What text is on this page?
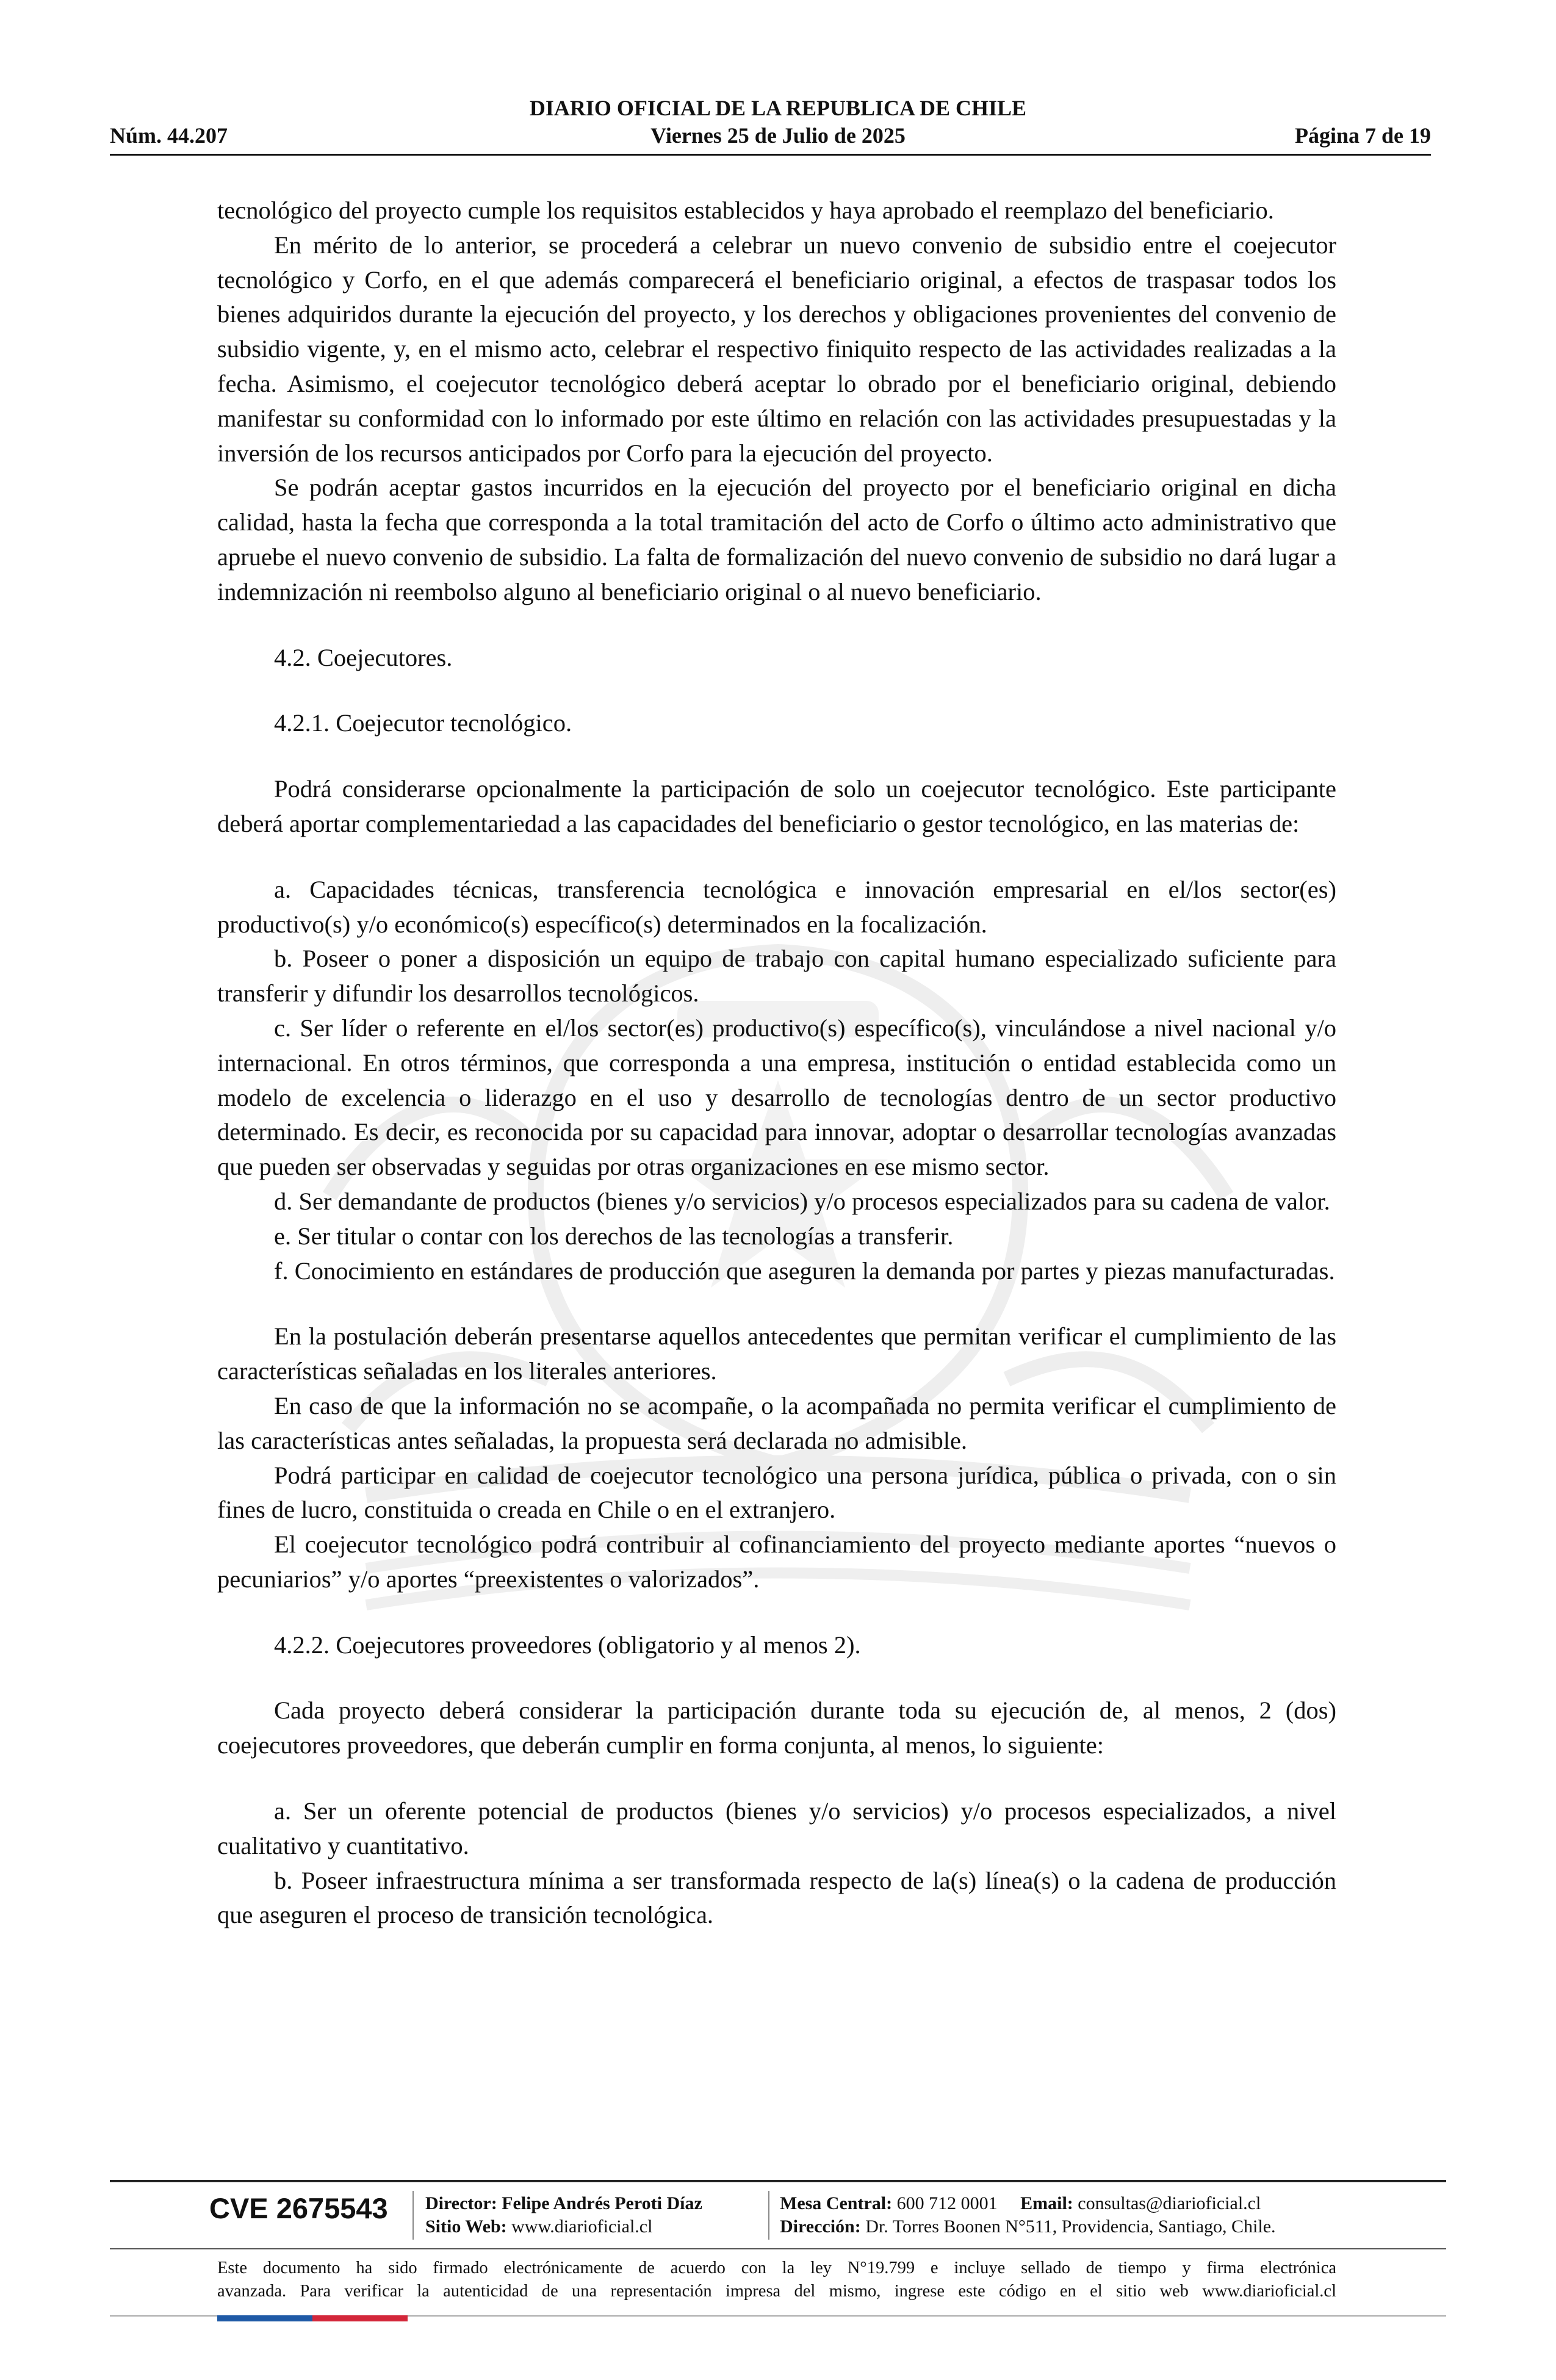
DIARIO OFICIAL DE LA REPUBLICA DE CHILE
Núm. 44.207	Viernes 25 de Julio de 2025	Página 7 de 19

tecnológico del proyecto cumple los requisitos establecidos y haya aprobado el reemplazo del beneficiario.

En mérito de lo anterior, se procederá a celebrar un nuevo convenio de subsidio entre el coejecutor tecnológico y Corfo, en el que además comparecerá el beneficiario original, a efectos de traspasar todos los bienes adquiridos durante la ejecución del proyecto, y los derechos y obligaciones provenientes del convenio de subsidio vigente, y, en el mismo acto, celebrar el respectivo finiquito respecto de las actividades realizadas a la fecha. Asimismo, el coejecutor tecnológico deberá aceptar lo obrado por el beneficiario original, debiendo manifestar su conformidad con lo informado por este último en relación con las actividades presupuestadas y la inversión de los recursos anticipados por Corfo para la ejecución del proyecto.

Se podrán aceptar gastos incurridos en la ejecución del proyecto por el beneficiario original en dicha calidad, hasta la fecha que corresponda a la total tramitación del acto de Corfo o último acto administrativo que apruebe el nuevo convenio de subsidio. La falta de formalización del nuevo convenio de subsidio no dará lugar a indemnización ni reembolso alguno al beneficiario original o al nuevo beneficiario.

4.2. Coejecutores.

4.2.1. Coejecutor tecnológico.

Podrá considerarse opcionalmente la participación de solo un coejecutor tecnológico. Este participante deberá aportar complementariedad a las capacidades del beneficiario o gestor tecnológico, en las materias de:

a. Capacidades técnicas, transferencia tecnológica e innovación empresarial en el/los sector(es) productivo(s) y/o económico(s) específico(s) determinados en la focalización.

b. Poseer o poner a disposición un equipo de trabajo con capital humano especializado suficiente para transferir y difundir los desarrollos tecnológicos.

c. Ser líder o referente en el/los sector(es) productivo(s) específico(s), vinculándose a nivel nacional y/o internacional. En otros términos, que corresponda a una empresa, institución o entidad establecida como un modelo de excelencia o liderazgo en el uso y desarrollo de tecnologías dentro de un sector productivo determinado. Es decir, es reconocida por su capacidad para innovar, adoptar o desarrollar tecnologías avanzadas que pueden ser observadas y seguidas por otras organizaciones en ese mismo sector.

d. Ser demandante de productos (bienes y/o servicios) y/o procesos especializados para su cadena de valor.

e. Ser titular o contar con los derechos de las tecnologías a transferir.

f. Conocimiento en estándares de producción que aseguren la demanda por partes y piezas manufacturadas.

En la postulación deberán presentarse aquellos antecedentes que permitan verificar el cumplimiento de las características señaladas en los literales anteriores.

En caso de que la información no se acompañe, o la acompañada no permita verificar el cumplimiento de las características antes señaladas, la propuesta será declarada no admisible.

Podrá participar en calidad de coejecutor tecnológico una persona jurídica, pública o privada, con o sin fines de lucro, constituida o creada en Chile o en el extranjero.

El coejecutor tecnológico podrá contribuir al cofinanciamiento del proyecto mediante aportes “nuevos o pecuniarios” y/o aportes “preexistentes o valorizados”.

4.2.2. Coejecutores proveedores (obligatorio y al menos 2).

Cada proyecto deberá considerar la participación durante toda su ejecución de, al menos, 2 (dos) coejecutores proveedores, que deberán cumplir en forma conjunta, al menos, lo siguiente:

a. Ser un oferente potencial de productos (bienes y/o servicios) y/o procesos especializados, a nivel cualitativo y cuantitativo.

b. Poseer infraestructura mínima a ser transformada respecto de la(s) línea(s) o la cadena de producción que aseguren el proceso de transición tecnológica.

CVE 2675543 Director: Felipe Andrés Peroti Díaz
Sitio Web: www.diarioficial.cl
Mesa Central: 600 712 0001 Email: consultas@diarioficial.cl
Dirección: Dr. Torres Boonen N°511, Providencia, Santiago, Chile.
Este documento ha sido firmado electrónicamente de acuerdo con la ley N°19.799 e incluye sellado de tiempo y firma electrónica
avanzada. Para verificar la autenticidad de una representación impresa del mismo, ingrese este código en el sitio web www.diarioficial.cl
